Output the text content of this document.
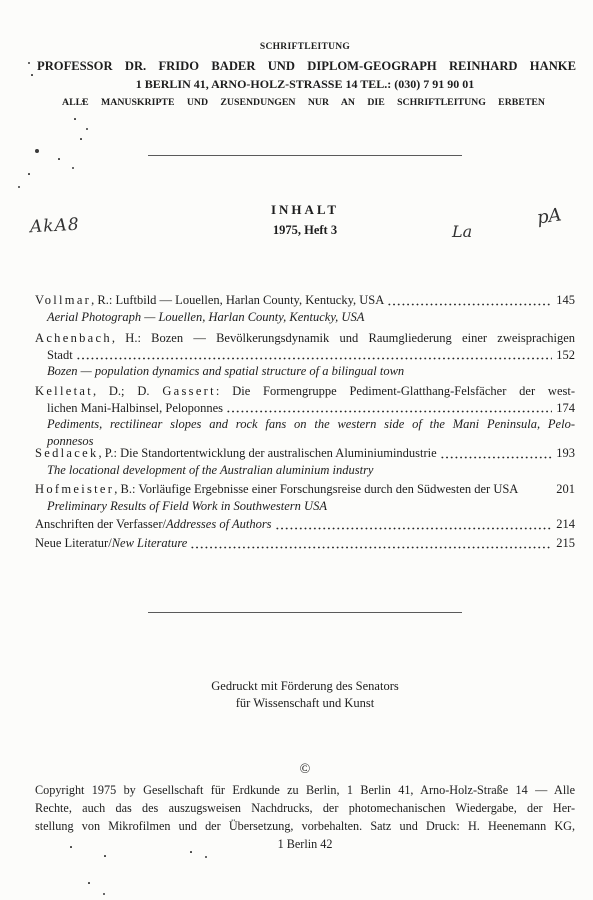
SCHRIFTLEITUNG
PROFESSOR DR. FRIDO BADER UND DIPLOM-GEOGRAPH REINHARD HANKE
1 BERLIN 41, ARNO-HOLZ-STRASSE 14 TEL.: (030) 7 91 90 01
ALLE MANUSKRIPTE UND ZUSENDUNGEN NUR AN DIE SCHRIFTLEITUNG ERBETEN
AkA8	La
pA
INHALT
1975, Heft 3
Vollmar, R.: Luftbild — Louellen, Harlan County, Kentucky, USA	145
Aerial Photograph — Louellen, Harlan County, Kentucky, USA
Achenbach, H.: Bozen — Bevölkerungsdynamik und Raumgliederung einer zweisprachigen
Stadt	152
Bozen — population dynamics and spatial structure of a bilingual town
Kelletat, D.; D. Gassert: Die Formengruppe Pediment-Glatthang-Felsfächer der west-
lichen Mani-Halbinsel, Peloponnes	174
Pediments, rectilinear slopes and rock fans on the western side of the Mani Peninsula, Pelo-
ponnesos
Sedlacek, P.: Die Standortentwicklung der australischen Aluminiumindustrie	193
The locational development of the Australian aluminium industry
Hofmeister, B.: Vorläufige Ergebnisse einer Forschungsreise durch den Südwesten der USA	201
Preliminary Results of Field Work in Southwestern USA
Anschriften der Verfasser/Addresses of Authors	214
Neue Literatur/New Literature	215
Gedruckt mit Förderung des Senators
für Wissenschaft und Kunst
©
Copyright 1975 by Gesellschaft für Erdkunde zu Berlin, 1 Berlin 41, Arno-Holz-Straße 14 — Alle
Rechte, auch das des auszugsweisen Nachdrucks, der photomechanischen Wiedergabe, der Her-
stellung von Mikrofilmen und der Übersetzung, vorbehalten. Satz und Druck: H. Heenemann KG,
1 Berlin 42
